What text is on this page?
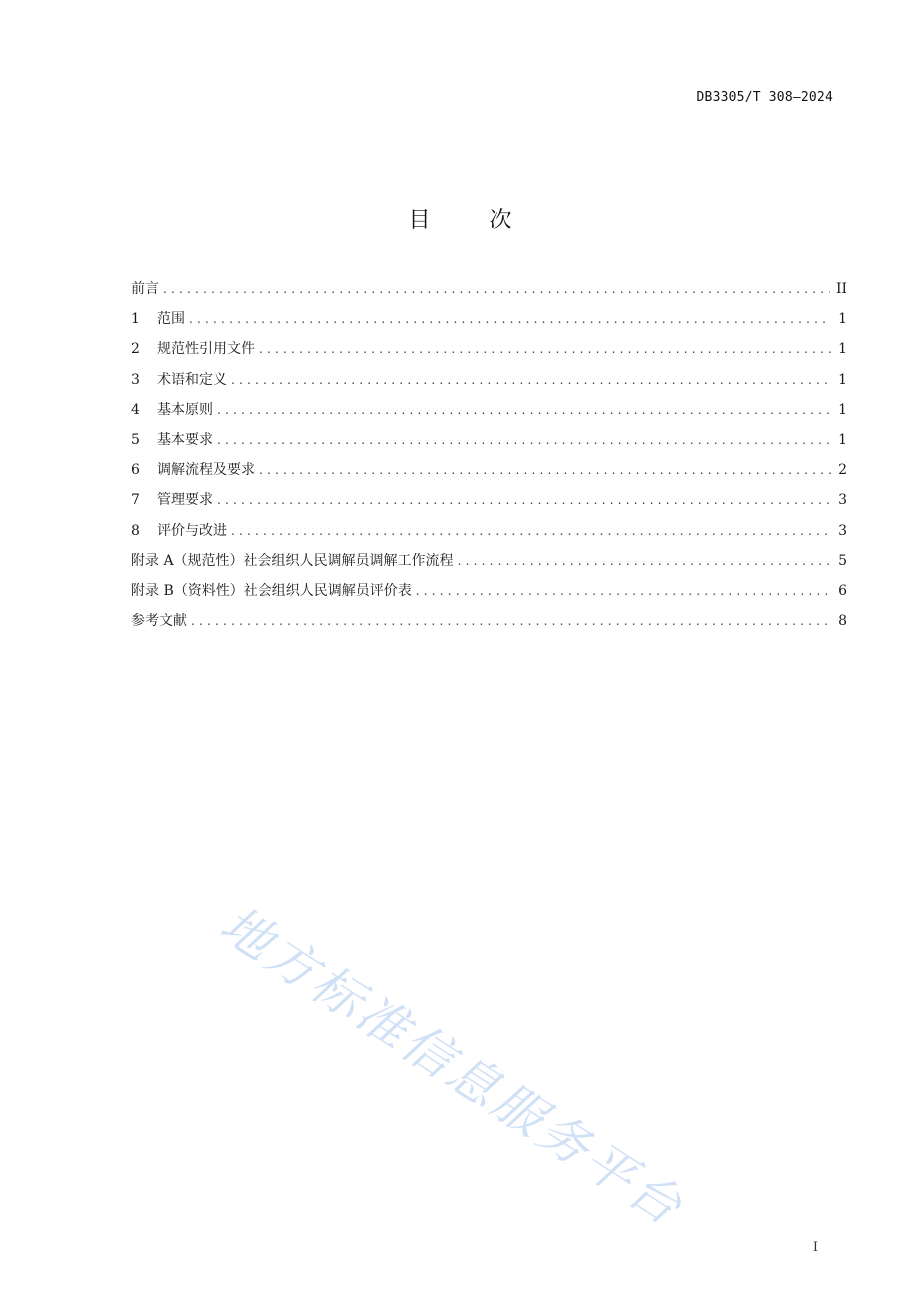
DB3305/T 308—2024
目 次
前言 .....	II
1	范围 .....	1
2	规范性引用文件 .....	1
3	术语和定义 .....	1
4	基本原则 .....	1
5	基本要求 .....	1
6	调解流程及要求 .....	2
7	管理要求 .....	3
8	评价与改进 .....	3
附录 A（规范性）社会组织人民调解员调解工作流程 .....	5
附录 B（资料性）社会组织人民调解员评价表 .....	6
参考文献 .....	8
地方标准信息服务平台
I
